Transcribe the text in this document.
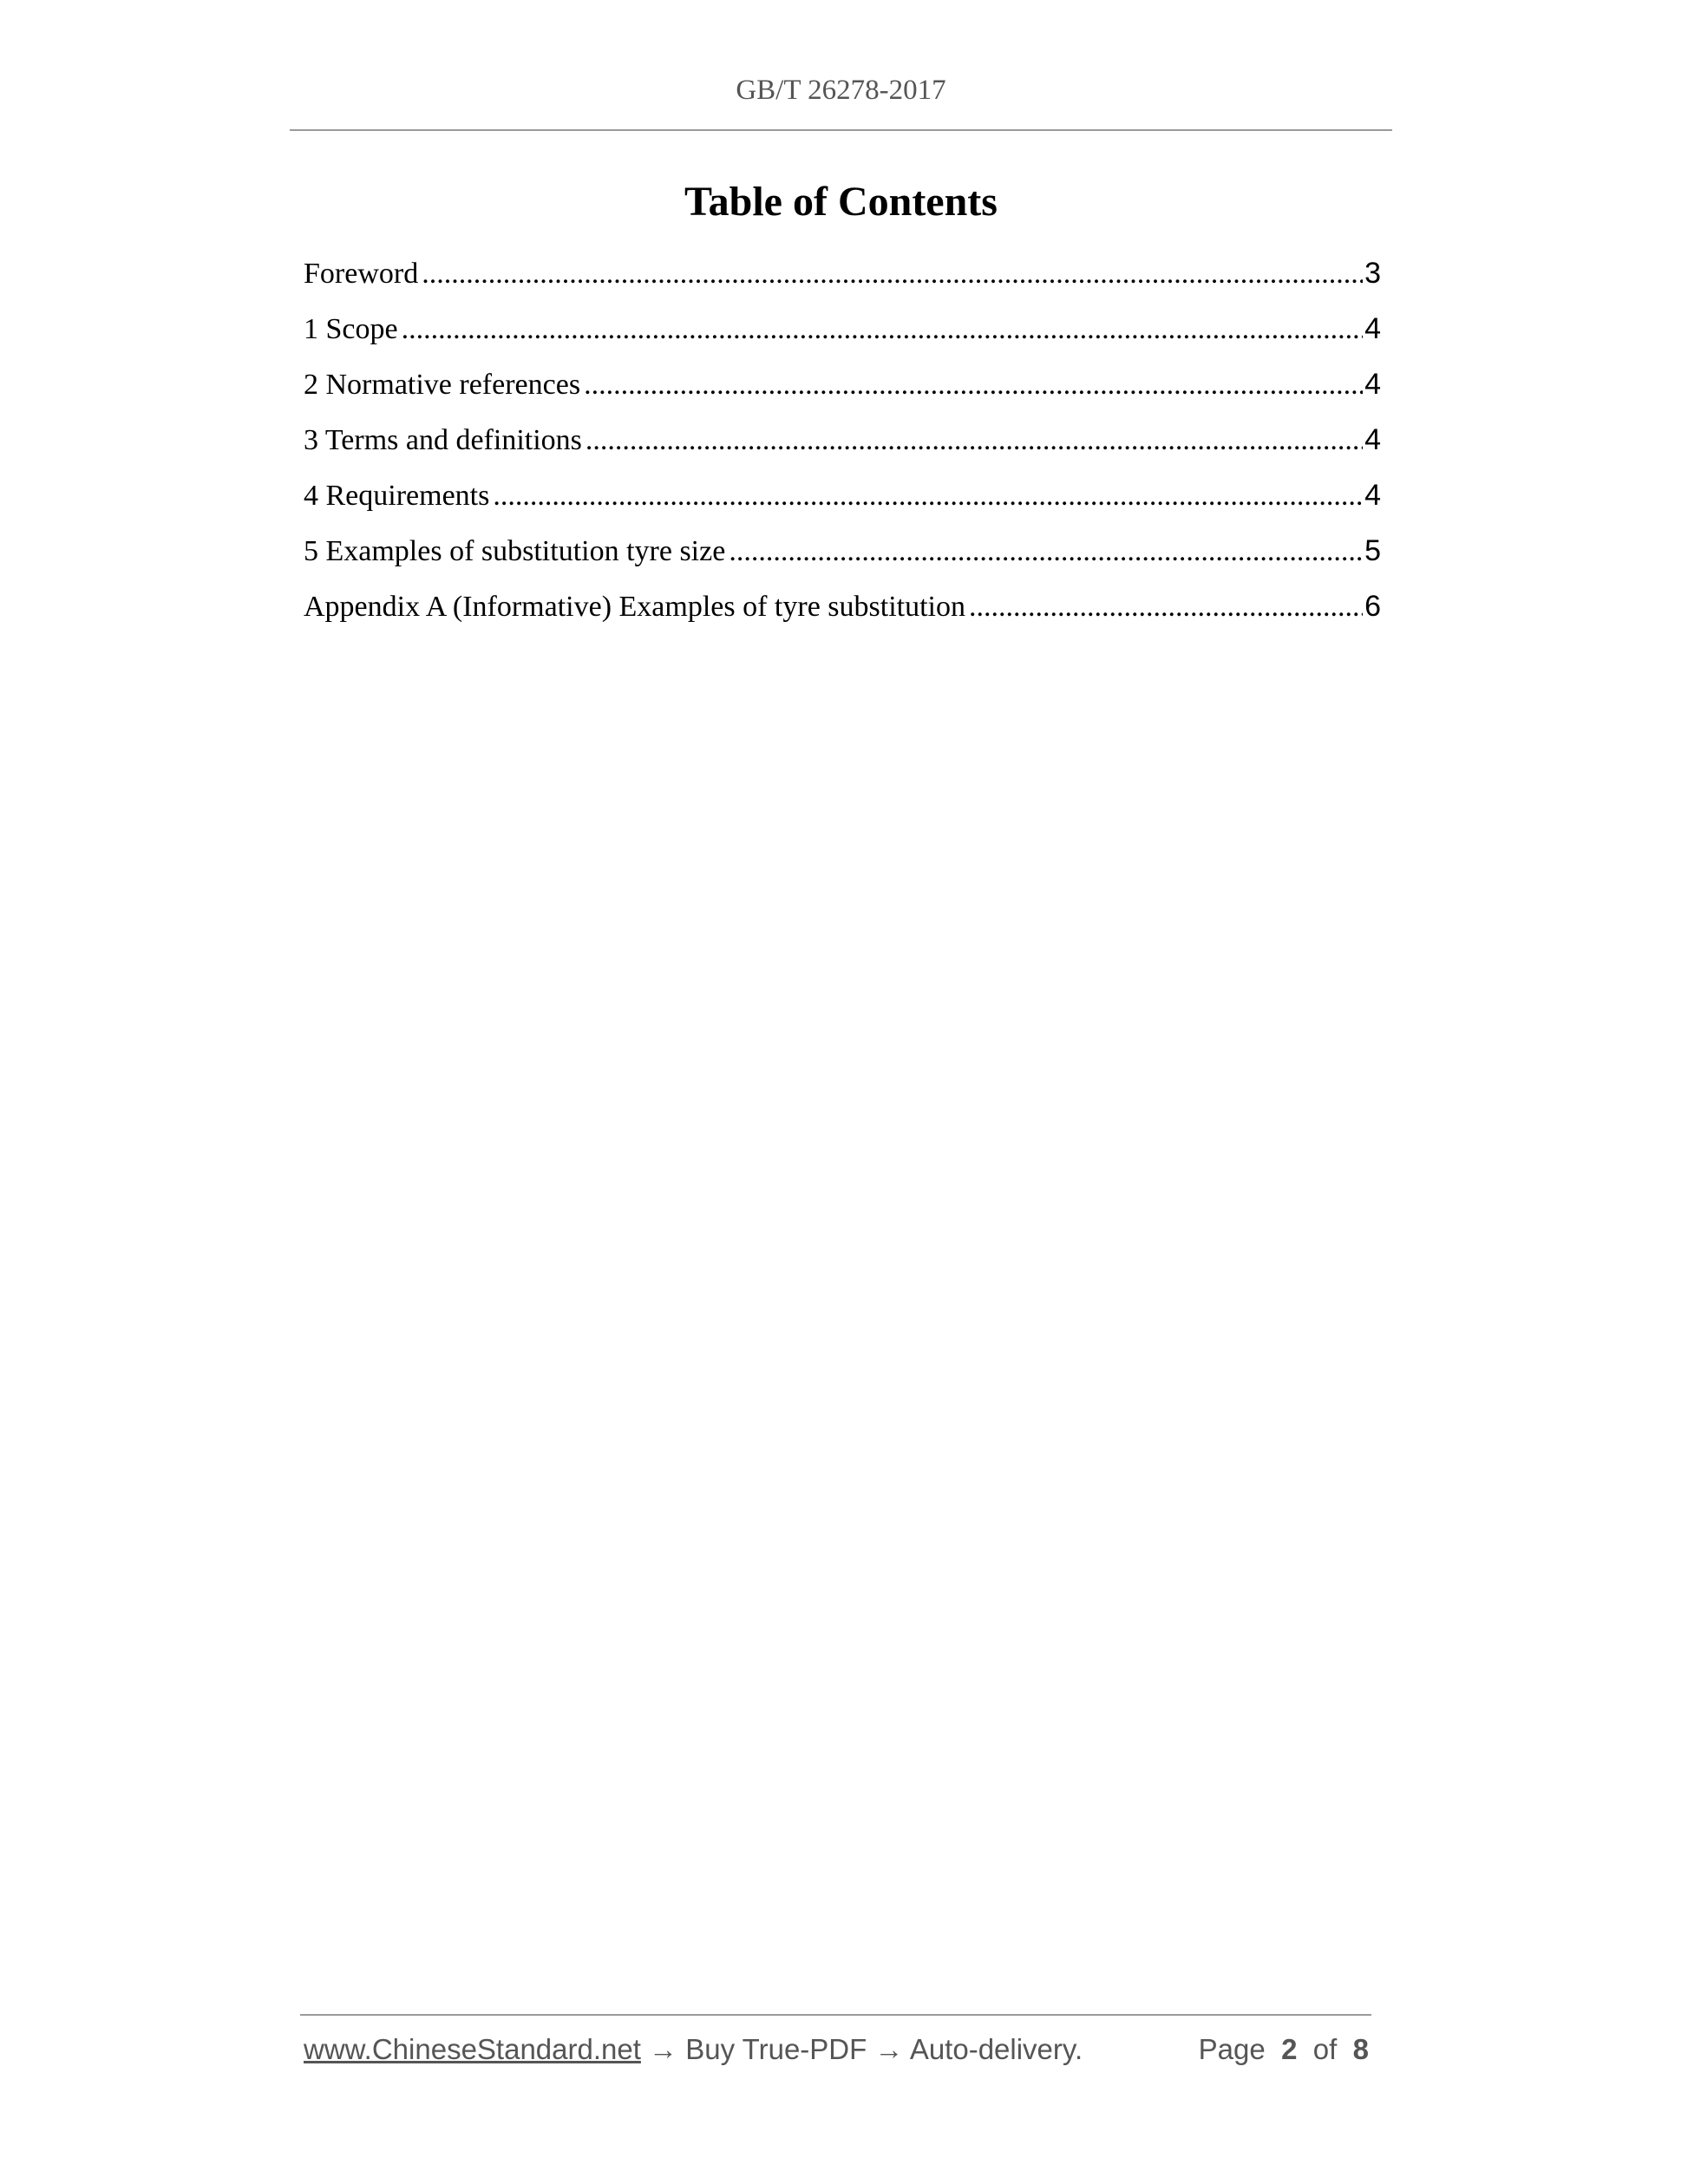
GB/T 26278-2017
Table of Contents
Foreword .....	3
1 Scope .....	4
2 Normative references .....	4
3 Terms and definitions .....	4
4 Requirements .....	4
5 Examples of substitution tyre size .....	5
Appendix A (Informative) Examples of tyre substitution .....	6
www.ChineseStandard.net → Buy True-PDF → Auto-delivery.	Page 2 of 8
